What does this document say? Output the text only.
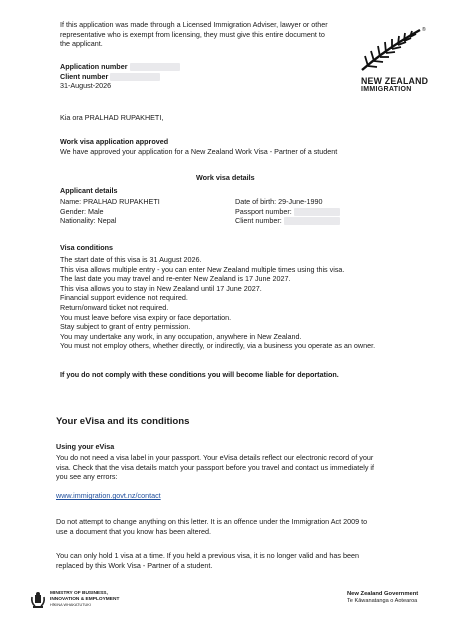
If this application was made through a Licensed Immigration Adviser, lawyer or other
representative who is exempt from licensing, they must give this entire document to
the applicant.
®
NEW ZEALAND
IMMIGRATION
Application number
Client number
31-August-2026
Kia ora PRALHAD RUPAKHETI,
Work visa application approved
We have approved your application for a New Zealand Work Visa - Partner of a student
Work visa details
Applicant details
Name: PRALHAD RUPAKHETI
Gender: Male
Nationality: Nepal
Date of birth: 29-June-1990
Passport number:
Client number:
Visa conditions
The start date of this visa is 31 August 2026.
This visa allows multiple entry - you can enter New Zealand multiple times using this visa.
The last date you may travel and re-enter New Zealand is 17 June 2027.
This visa allows you to stay in New Zealand until 17 June 2027.
Financial support evidence not required.
Return/onward ticket not required.
You must leave before visa expiry or face deportation.
Stay subject to grant of entry permission.
You may undertake any work, in any occupation, anywhere in New Zealand.
You must not employ others, whether directly, or indirectly, via a business you operate as an owner.
If you do not comply with these conditions you will become liable for deportation.
Your eVisa and its conditions
Using your eVisa
You do not need a visa label in your passport. Your eVisa details reflect our electronic record of your
visa. Check that the visa details match your passport before you travel and contact us immediately if
you see any errors:
www.immigration.govt.nz/contact
Do not attempt to change anything on this letter. It is an offence under the Immigration Act 2009 to
use a document that you know has been altered.
You can only hold 1 visa at a time. If you held a previous visa, it is no longer valid and has been
replaced by this Work Visa - Partner of a student.
MINISTRY OF BUSINESS,
INNOVATION & EMPLOYMENT
HĪKINA WHAKATUTUKI
New Zealand Government
Te Kāwanatanga o Aotearoa
